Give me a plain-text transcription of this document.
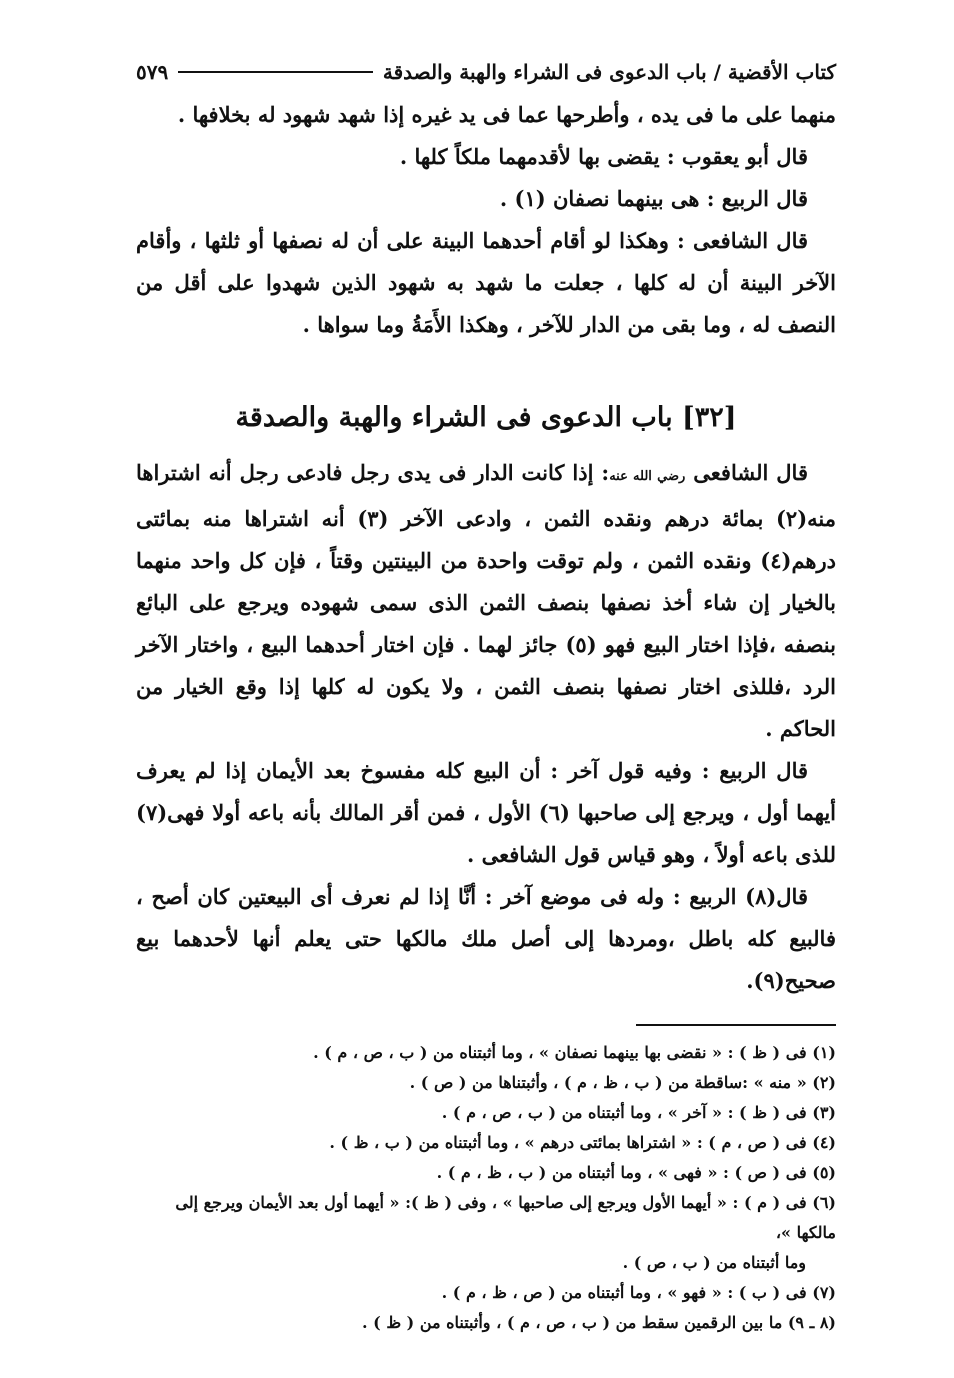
كتاب الأقضية / باب الدعوى فى الشراء والهبة والصدقة
٥٧٩

منهما على ما فى يده ، وأطرحها عما فى يد غيره إذا شهد شهود له بخلافها .

قال أبو يعقوب : يقضى بها لأقدمهما ملكاً كلها .

قال الربيع : هى بينهما نصفان (١) .

قال الشافعى : وهكذا لو أقام أحدهما البينة على أن له نصفها أو ثلثها ، وأقام الآخر البينة أن له كلها ، جعلت ما شهد به شهود الذين شهدوا على أقل من النصف له ، وما بقى من الدار للآخر ، وهكذا الأَمَةُ وما سواها .

[٣٢] باب الدعوى فى الشراء والهبة والصدقة

قال الشافعى رضي الله عنه: إذا كانت الدار فى يدى رجل فادعى رجل أنه اشتراها منه(٢) بمائة درهم ونقده الثمن ، وادعى الآخر (٣) أنه اشتراها منه بمائتى درهم(٤) ونقده الثمن ، ولم توقت واحدة من البينتين وقتاً ، فإن كل واحد منهما بالخيار إن شاء أخذ نصفها بنصف الثمن الذى سمى شهوده ويرجع على البائع بنصفه ،فإذا اختار البيع فهو (٥) جائز لهما . فإن اختار أحدهما البيع ، واختار الآخر الرد ،فللذى اختار نصفها بنصف الثمن ، ولا يكون له كلها إذا وقع الخيار من الحاكم .

قال الربيع : وفيه قول آخر : أن البيع كله مفسوخ بعد الأيمان إذا لم يعرف أيهما أول ، ويرجع إلى صاحبها (٦) الأول ، فمن أقر المالك بأنه باعه أولا فهى(٧) للذى باعه أولاً ، وهو قياس قول الشافعى .

قال(٨) الربيع : وله فى موضع آخر : أنَّا إذا لم نعرف أى البيعتين كان أصح ، فالبيع كله باطل ،ومردها إلى أصل ملك مالكها حتى يعلم أنها لأحدهما بيع صحيح(٩).

(١) فى ( ظ ) : « نقضى بها بينهما نصفان » ، وما أثبتناه من ( ب ، ص ، م ) .
(٢) « منه » :ساقطة من ( ب ، ظ ، م ) ، وأثبتناها من ( ص ) .
(٣) فى ( ظ ) : « آخر » ، وما أثبتناه من ( ب ، ص ، م ) .
(٤) فى ( ص ، م ) : « اشتراها بمائتى درهم » ، وما أثبتناه من ( ب ، ظ ) .
(٥) فى ( ص ) : « فهى » ، وما أثبتناه من ( ب ، ظ ، م ) .
(٦) فى ( م ) : « أيهما الأول ويرجع إلى صاحبها » ، وفى ( ظ ): « أيهما أول بعد الأيمان ويرجع إلى مالكها »،
وما أثبتناه من ( ب ، ص ) .
(٧) فى ( ب ) : « فهو » ، وما أثبتناه من ( ص ، ظ ، م ) .
(٨ ـ ٩) ما بين الرقمين سقط من ( ب ، ص ، م ) ، وأثبتناه من ( ظ ) .
